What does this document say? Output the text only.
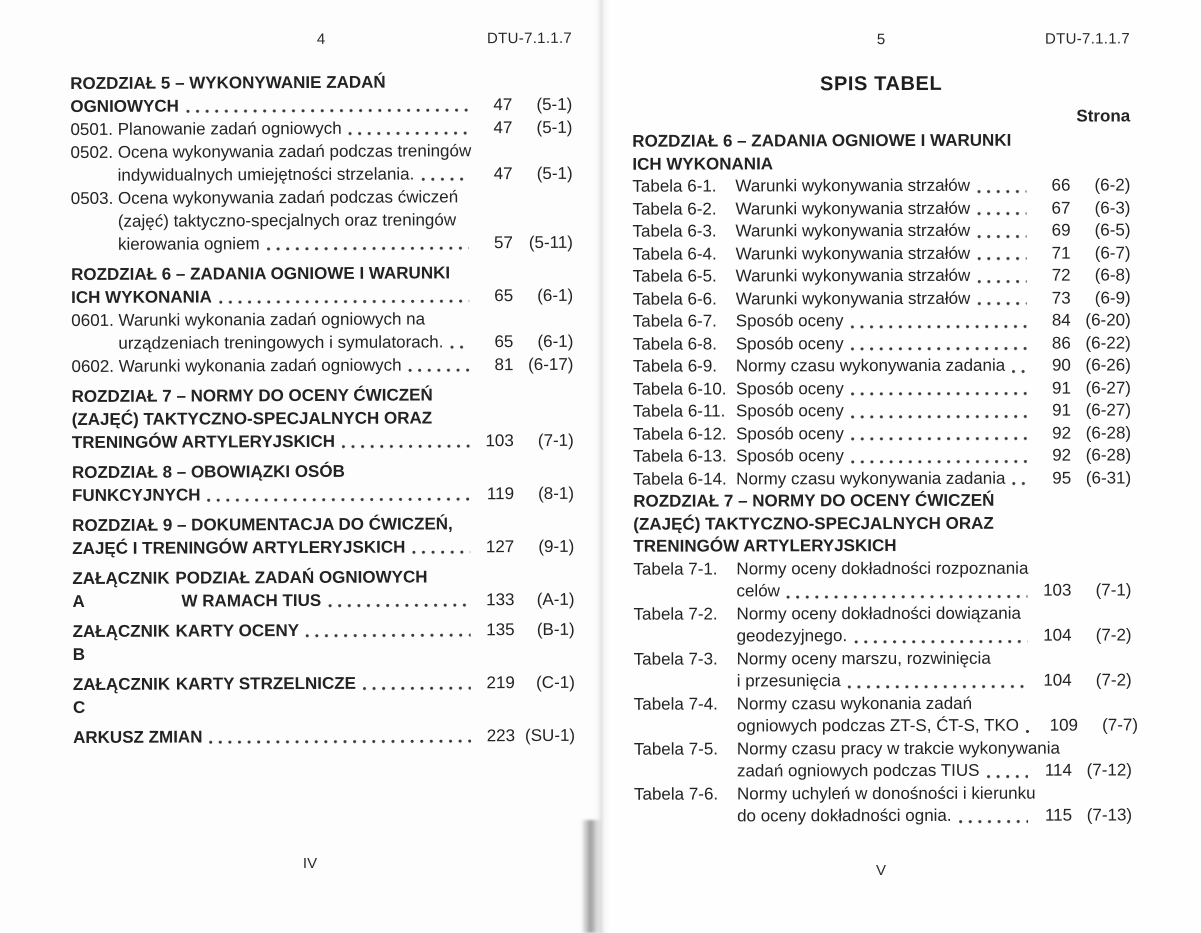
4	DTU-7.1.1.7
ROZDZIAŁ 5 – WYKONYWANIE ZADAŃ
OGNIOWYCH	47	(5-1)
0501. Planowanie zadań ogniowych	47	(5-1)
0502. Ocena wykonywania zadań podczas treningów
indywidualnych umiejętności strzelania.	47	(5-1)
0503. Ocena wykonywania zadań podczas ćwiczeń
(zajęć) taktyczno-specjalnych oraz treningów
kierowania ogniem	57 (5-11)
ROZDZIAŁ 6 – ZADANIA OGNIOWE I WARUNKI
ICH WYKONANIA	65	(6-1)
0601. Warunki wykonania zadań ogniowych na
urządzeniach treningowych i symulatorach.	65	(6-1)
0602. Warunki wykonania zadań ogniowych	81 (6-17)
ROZDZIAŁ 7 – NORMY DO OCENY ĆWICZEŃ
(ZAJĘĆ) TAKTYCZNO-SPECJALNYCH ORAZ
TRENINGÓW ARTYLERYJSKICH	103	(7-1)
ROZDZIAŁ 8 – OBOWIĄZKI OSÓB
FUNKCYJNYCH	119	(8-1)
ROZDZIAŁ 9 – DOKUMENTACJA DO ĆWICZEŃ,
ZAJĘĆ I TRENINGÓW ARTYLERYJSKICH	127	(9-1)
ZAŁĄCZNIK A
PODZIAŁ ZADAŃ OGNIOWYCH
W RAMACH TIUS	133	(A-1)
ZAŁĄCZNIK B
KARTY OCENY	135	(B-1)
ZAŁĄCZNIK C
KARTY STRZELNICZE	219	(C-1)
ARKUSZ ZMIAN	223 (SU-1)
IV
5	DTU-7.1.1.7
SPIS TABEL
Strona
ROZDZIAŁ 6 – ZADANIA OGNIOWE I WARUNKI
ICH WYKONANIA
Tabela 6-1.	Warunki wykonywania strzałów	66	(6-2)
Tabela 6-2.	Warunki wykonywania strzałów	67	(6-3)
Tabela 6-3.	Warunki wykonywania strzałów	69	(6-5)
Tabela 6-4.	Warunki wykonywania strzałów	71	(6-7)
Tabela 6-5.	Warunki wykonywania strzałów	72	(6-8)
Tabela 6-6.	Warunki wykonywania strzałów	73	(6-9)
Tabela 6-7.	Sposób oceny	84 (6-20)
Tabela 6-8.	Sposób oceny	86 (6-22)
Tabela 6-9.	Normy czasu wykonywania zadania	90 (6-26)
Tabela 6-10. Sposób oceny	91 (6-27)
Tabela 6-11. Sposób oceny	91 (6-27)
Tabela 6-12. Sposób oceny	92 (6-28)
Tabela 6-13. Sposób oceny	92 (6-28)
Tabela 6-14. Normy czasu wykonywania zadania	95 (6-31)
ROZDZIAŁ 7 – NORMY DO OCENY ĆWICZEŃ
(ZAJĘĆ) TAKTYCZNO-SPECJALNYCH ORAZ
TRENINGÓW ARTYLERYJSKICH
Tabela 7-1.	Normy oceny dokładności rozpoznania
celów	103	(7-1)
Tabela 7-2.	Normy oceny dokładności dowiązania
geodezyjnego.	104	(7-2)
Tabela 7-3.	Normy oceny marszu, rozwinięcia
i przesunięcia	104	(7-2)
Tabela 7-4.	Normy czasu wykonania zadań
ogniowych podczas ZT-S, ĆT-S, TKO	109	(7-7)
Tabela 7-5.	Normy czasu pracy w trakcie wykonywania
zadań ogniowych podczas TIUS	114 (7-12)
Tabela 7-6.	Normy uchyleń w donośności i kierunku
do oceny dokładności ognia.	115 (7-13)
V
